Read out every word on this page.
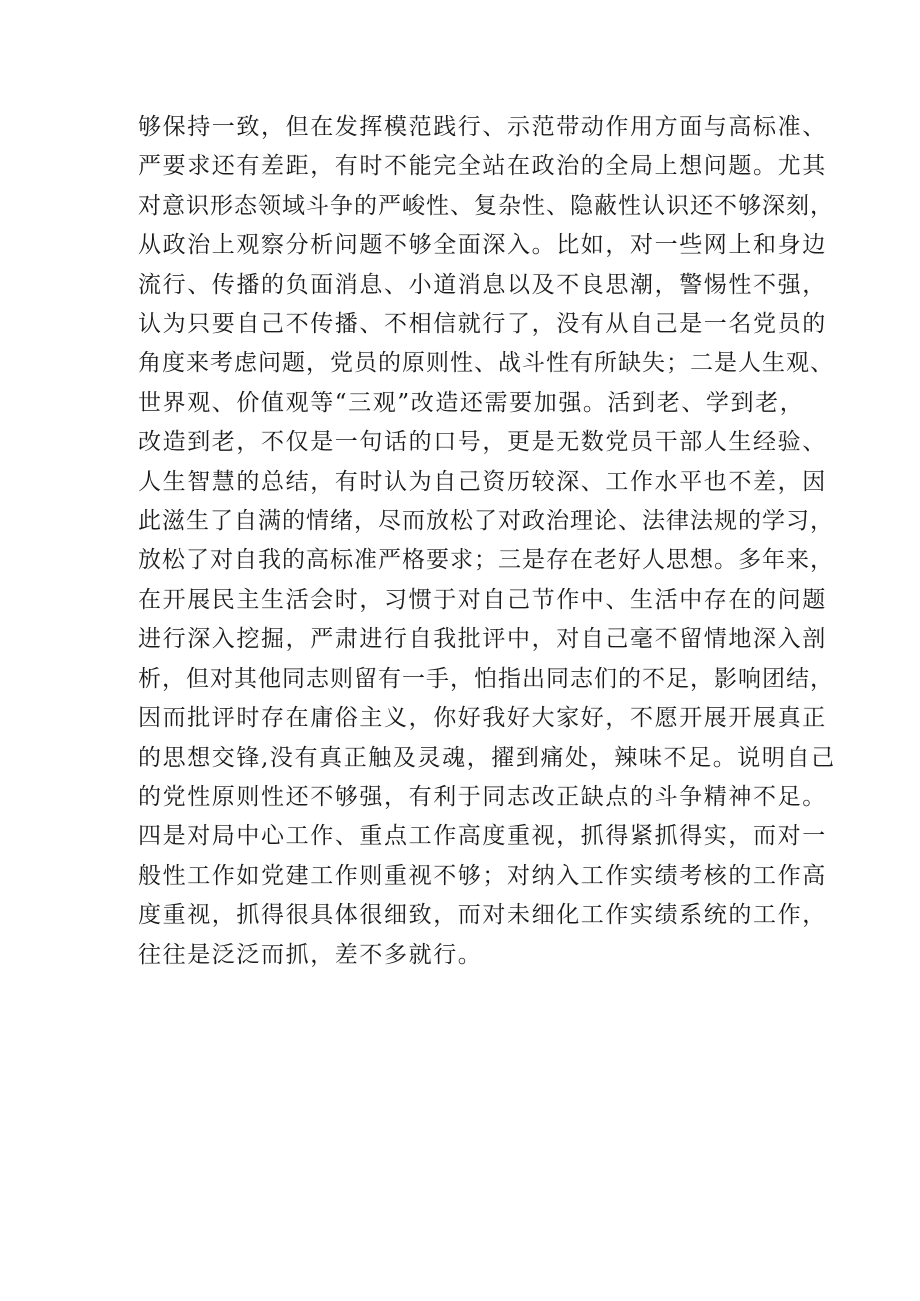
够保持一致，但在发挥模范践行、示范带动作用方面与高标准、
严要求还有差距，有时不能完全站在政治的全局上想问题。尤其
对意识形态领域斗争的严峻性、复杂性、隐蔽性认识还不够深刻，
从政治上观察分析问题不够全面深入。比如，对一些网上和身边
流行、传播的负面消息、小道消息以及不良思潮，警惕性不强，
认为只要自己不传播、不相信就行了，没有从自己是一名党员的
角度来考虑问题，党员的原则性、战斗性有所缺失；二是人生观、
世界观、价值观等“三观”改造还需要加强。活到老、学到老，
改造到老，不仅是一句话的口号，更是无数党员干部人生经验、
人生智慧的总结，有时认为自己资历较深、工作水平也不差，因
此滋生了自满的情绪，尽而放松了对政治理论、法律法规的学习，
放松了对自我的高标准严格要求；三是存在老好人思想。多年来，
在开展民主生活会时，习惯于对自己节作中、生活中存在的问题
进行深入挖掘，严肃进行自我批评中，对自己毫不留情地深入剖
析，但对其他同志则留有一手，怕指出同志们的不足，影响团结，
因而批评时存在庸俗主义，你好我好大家好，不愿开展开展真正
的思想交锋,没有真正触及灵魂，擢到痛处，辣味不足。说明自己
的党性原则性还不够强，有利于同志改正缺点的斗争精神不足。
四是对局中心工作、重点工作高度重视，抓得紧抓得实，而对一
般性工作如党建工作则重视不够；对纳入工作实绩考核的工作高
度重视，抓得很具体很细致，而对未细化工作实绩系统的工作，
往往是泛泛而抓，差不多就行。
